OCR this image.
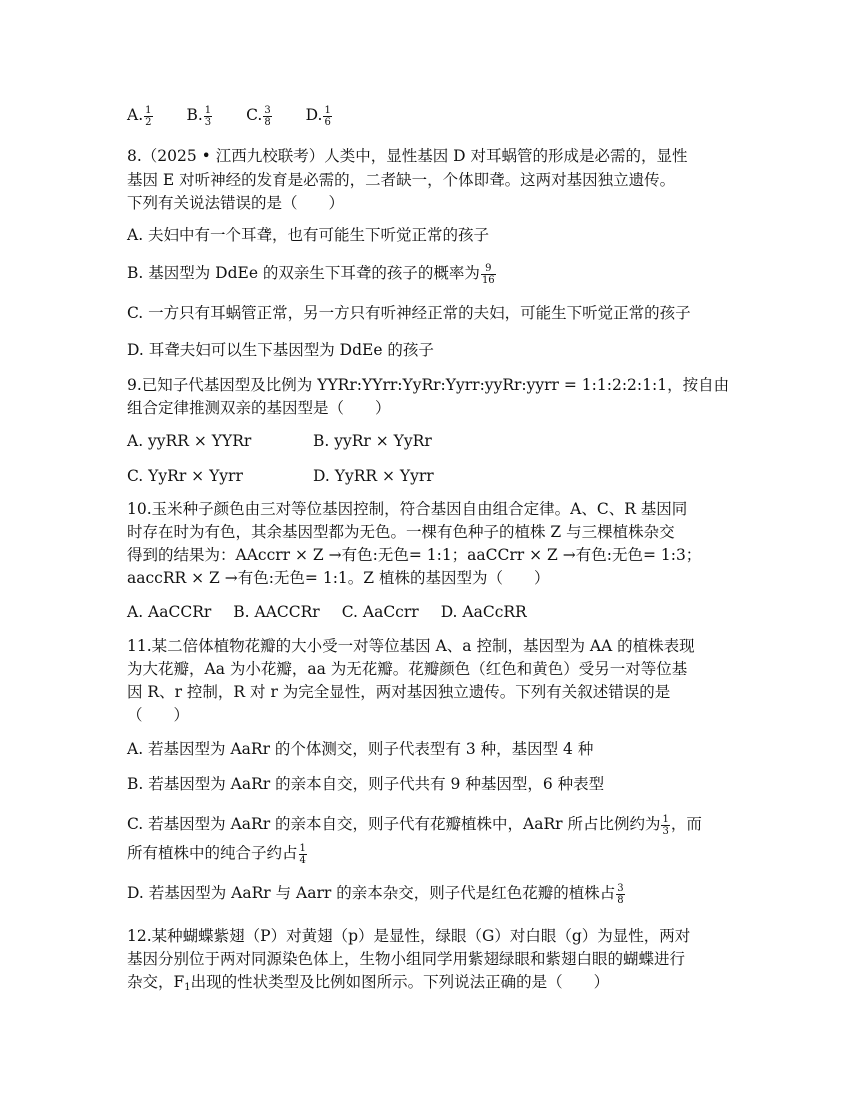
A. $\frac{1}{2} B$. $\frac{1}{3} C$. $\frac{3}{8} D$. $\frac{1}{6}$
8.（2025 • 江西九校联考）人类中，显性基因 D 对耳蜗管的形成是必需的，显性
基因 E 对听神经的发育是必需的，二者缺一，个体即聋。这两对基因独立遗传。
下列有关说法错误的是（　　）
A. 夫妇中有一个耳聋，也有可能生下听觉正常的孩子
B. 基因型为 DdEe 的双亲生下耳聋的孩子的概率为 $\frac{9}{16}$
C. 一方只有耳蜗管正常，另一方只有听神经正常的夫妇，可能生下听觉正常的孩子
D. 耳聋夫妇可以生下基因型为 DdEe 的孩子
9.已知子代基因型及比例为 YYRr:YYrr:YyRr:Yyrr:yyRr:yyrr = 1:1:2:2:1:1，按自由
组合定律推测双亲的基因型是（　　）
A. yyRR × YYRr	B. yyRr × YyRr
C. YyRr × Yyrr	D. YyRR × Yyrr
10.玉米种子颜色由三对等位基因控制，符合基因自由组合定律。A、C、R 基因同
时存在时为有色，其余基因型都为无色。一棵有色种子的植株 Z 与三棵植株杂交
得到的结果为：AAccrr × Z →有色:无色= 1:1；aaCCrr × Z →有色:无色= 1:3；
aaccRR × Z →有色:无色= 1:1。Z 植株的基因型为（　　）
A. AaCCRr B. AACCRr C. AaCcrr D. AaCcRR
11.某二倍体植物花瓣的大小受一对等位基因 A、a 控制，基因型为 AA 的植株表现
为大花瓣，Aa 为小花瓣，aa 为无花瓣。花瓣颜色（红色和黄色）受另一对等位基
因 R、r 控制，R 对 r 为完全显性，两对基因独立遗传。下列有关叙述错误的是
（　　）
A. 若基因型为 AaRr 的个体测交，则子代表型有 3 种，基因型 4 种
B. 若基因型为 AaRr 的亲本自交，则子代共有 9 种基因型，6 种表型
C. 若基因型为 AaRr 的亲本自交，则子代有花瓣植株中，AaRr 所占比例约为 $\frac{1}{3}$ ，而
所有植株中的纯合子约占 $\frac{1}{4}$
D. 若基因型为 AaRr 与 Aarr 的亲本杂交，则子代是红色花瓣的植株占 $\frac{3}{8}$
12.某种蝴蝶紫翅（P）对黄翅（p）是显性，绿眼（G）对白眼（g）为显性，两对
基因分别位于两对同源染色体上，生物小组同学用紫翅绿眼和紫翅白眼的蝴蝶进行
杂交，$F_1$出现的性状类型及比例如图所示。下列说法正确的是（　　）
